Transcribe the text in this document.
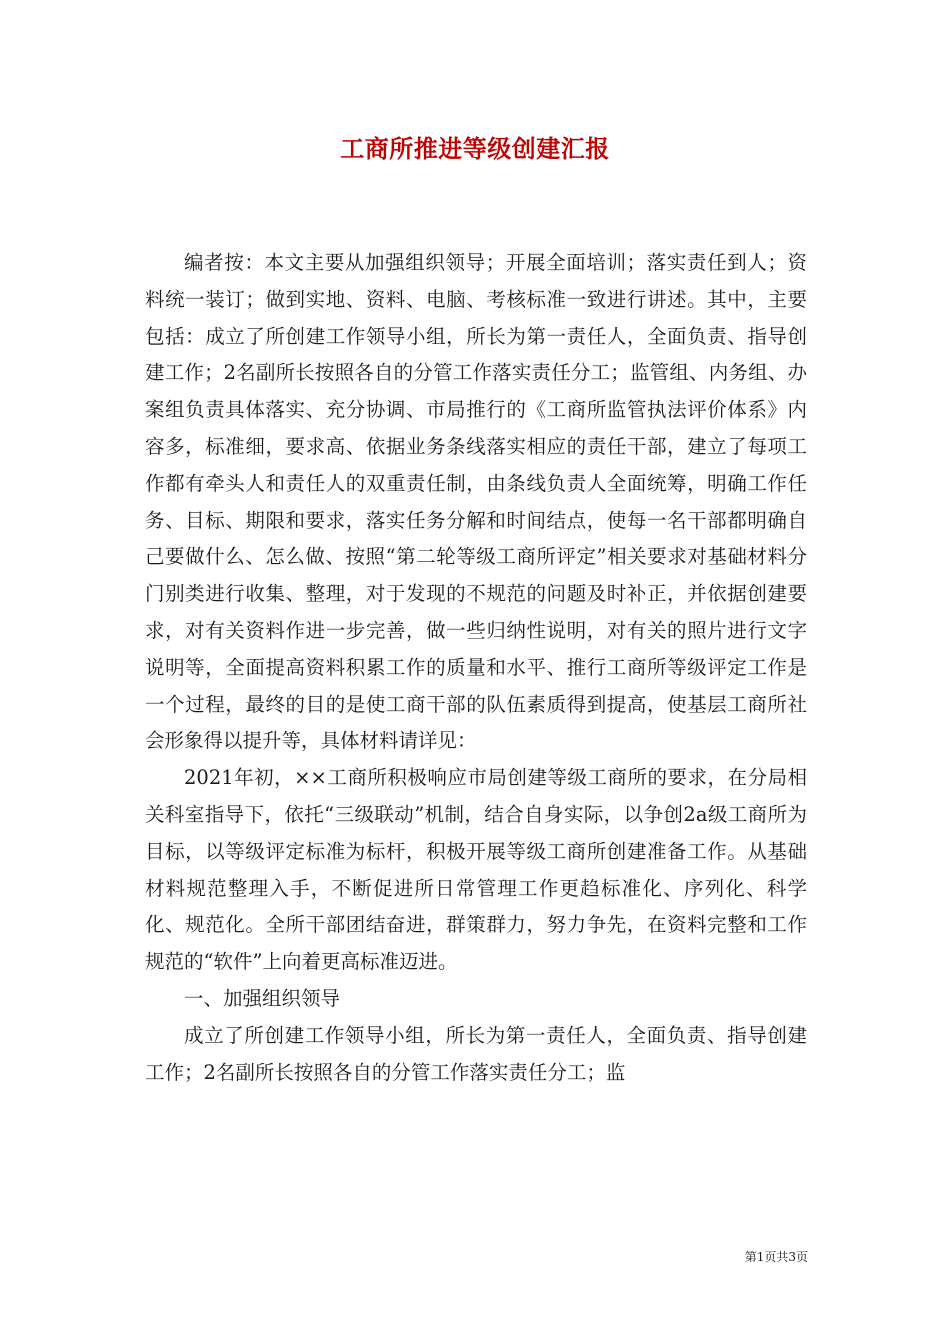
工商所推进等级创建汇报

编者按：本文主要从加强组织领导；开展全面培训；落实责任到人；资料统一装订；做到实地、资料、电脑、考核标准一致进行讲述。其中，主要包括：成立了所创建工作领导小组，所长为第一责任人，全面负责、指导创建工作；2名副所长按照各自的分管工作落实责任分工；监管组、内务组、办案组负责具体落实、充分协调、市局推行的《工商所监管执法评价体系》内容多，标准细，要求高、依据业务条线落实相应的责任干部，建立了每项工作都有牵头人和责任人的双重责任制，由条线负责人全面统筹，明确工作任务、目标、期限和要求，落实任务分解和时间结点，使每一名干部都明确自己要做什么、怎么做、按照“第二轮等级工商所评定”相关要求对基础材料分门别类进行收集、整理，对于发现的不规范的问题及时补正，并依据创建要求，对有关资料作进一步完善，做一些归纳性说明，对有关的照片进行文字说明等，全面提高资料积累工作的质量和水平、推行工商所等级评定工作是一个过程，最终的目的是使工商干部的队伍素质得到提高，使基层工商所社会形象得以提升等，具体材料请详见：

2021年初，××工商所积极响应市局创建等级工商所的要求，在分局相关科室指导下，依托“三级联动”机制，结合自身实际，以争创2a级工商所为目标，以等级评定标准为标杆，积极开展等级工商所创建准备工作。从基础材料规范整理入手，不断促进所日常管理工作更趋标准化、序列化、科学化、规范化。全所干部团结奋进，群策群力，努力争先，在资料完整和工作规范的“软件”上向着更高标准迈进。

一、加强组织领导

成立了所创建工作领导小组，所长为第一责任人，全面负责、指导创建工作；2名副所长按照各自的分管工作落实责任分工；监

第1页共3页
